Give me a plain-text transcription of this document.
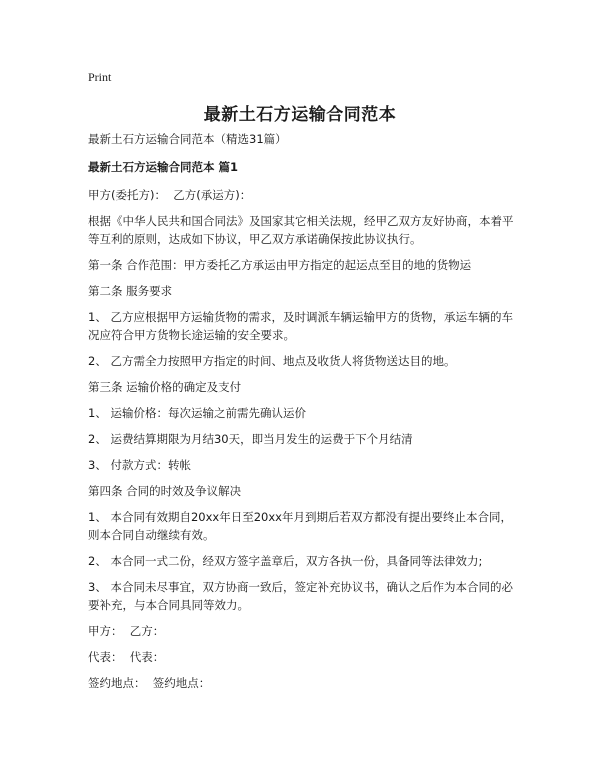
Print
最新土石方运输合同范本
最新土石方运输合同范本（精选31篇）
最新土石方运输合同范本 篇1
甲方(委托方)：  乙方(承运方)：
根据《中华人民共和国合同法》及国家其它相关法规，经甲乙双方友好协商，本着平等互利的原则，达成如下协议，甲乙双方承诺确保按此协议执行。
第一条 合作范围：甲方委托乙方承运由甲方指定的起运点至目的地的货物运
第二条 服务要求
1、 乙方应根据甲方运输货物的需求，及时调派车辆运输甲方的货物，承运车辆的车况应符合甲方货物长途运输的安全要求。
2、 乙方需全力按照甲方指定的时间、地点及收货人将货物送达目的地。
第三条 运输价格的确定及支付
1、 运输价格：每次运输之前需先确认运价
2、 运费结算期限为月结30天，即当月发生的运费于下个月结清
3、 付款方式：转帐
第四条 合同的时效及争议解决
1、 本合同有效期自20xx年日至20xx年月到期后若双方都没有提出要终止本合同，则本合同自动继续有效。
2、 本合同一式二份，经双方签字盖章后，双方各执一份，具备同等法律效力;
3、 本合同未尽事宜，双方协商一致后，签定补充协议书，确认之后作为本合同的必要补充，与本合同具同等效力。
甲方：  乙方：
代表：  代表：
签约地点：  签约地点：
